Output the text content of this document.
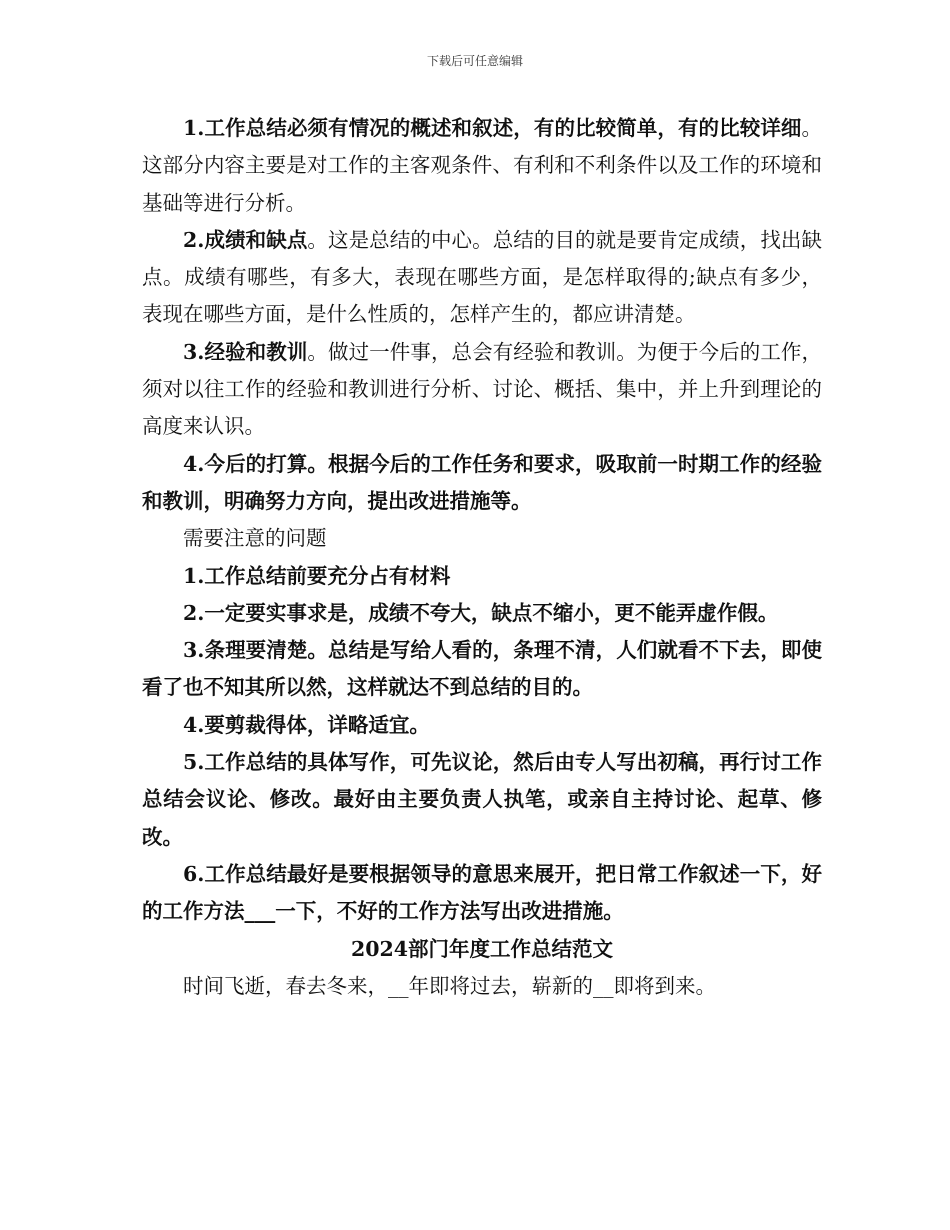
下载后可任意编辑

1.工作总结必须有情况的概述和叙述，有的比较简单，有的比较详细。这部分内容主要是对工作的主客观条件、有利和不利条件以及工作的环境和基础等进行分析。

2.成绩和缺点。这是总结的中心。总结的目的就是要肯定成绩，找出缺点。成绩有哪些，有多大，表现在哪些方面，是怎样取得的;缺点有多少，表现在哪些方面，是什么性质的，怎样产生的，都应讲清楚。

3.经验和教训。做过一件事，总会有经验和教训。为便于今后的工作，须对以往工作的经验和教训进行分析、讨论、概括、集中，并上升到理论的高度来认识。

4.今后的打算。根据今后的工作任务和要求，吸取前一时期工作的经验和教训，明确努力方向，提出改进措施等。

需要注意的问题

1.工作总结前要充分占有材料

2.一定要实事求是，成绩不夸大，缺点不缩小，更不能弄虚作假。

3.条理要清楚。总结是写给人看的，条理不清，人们就看不下去，即使看了也不知其所以然，这样就达不到总结的目的。

4.要剪裁得体，详略适宜。

5.工作总结的具体写作，可先议论，然后由专人写出初稿，再行讨工作总结会议论、修改。最好由主要负责人执笔，或亲自主持讨论、起草、修改。

6.工作总结最好是要根据领导的意思来展开，把日常工作叙述一下，好的工作方法___一下，不好的工作方法写出改进措施。

2024部门年度工作总结范文

时间飞逝，春去冬来，__年即将过去，崭新的__即将到来。
